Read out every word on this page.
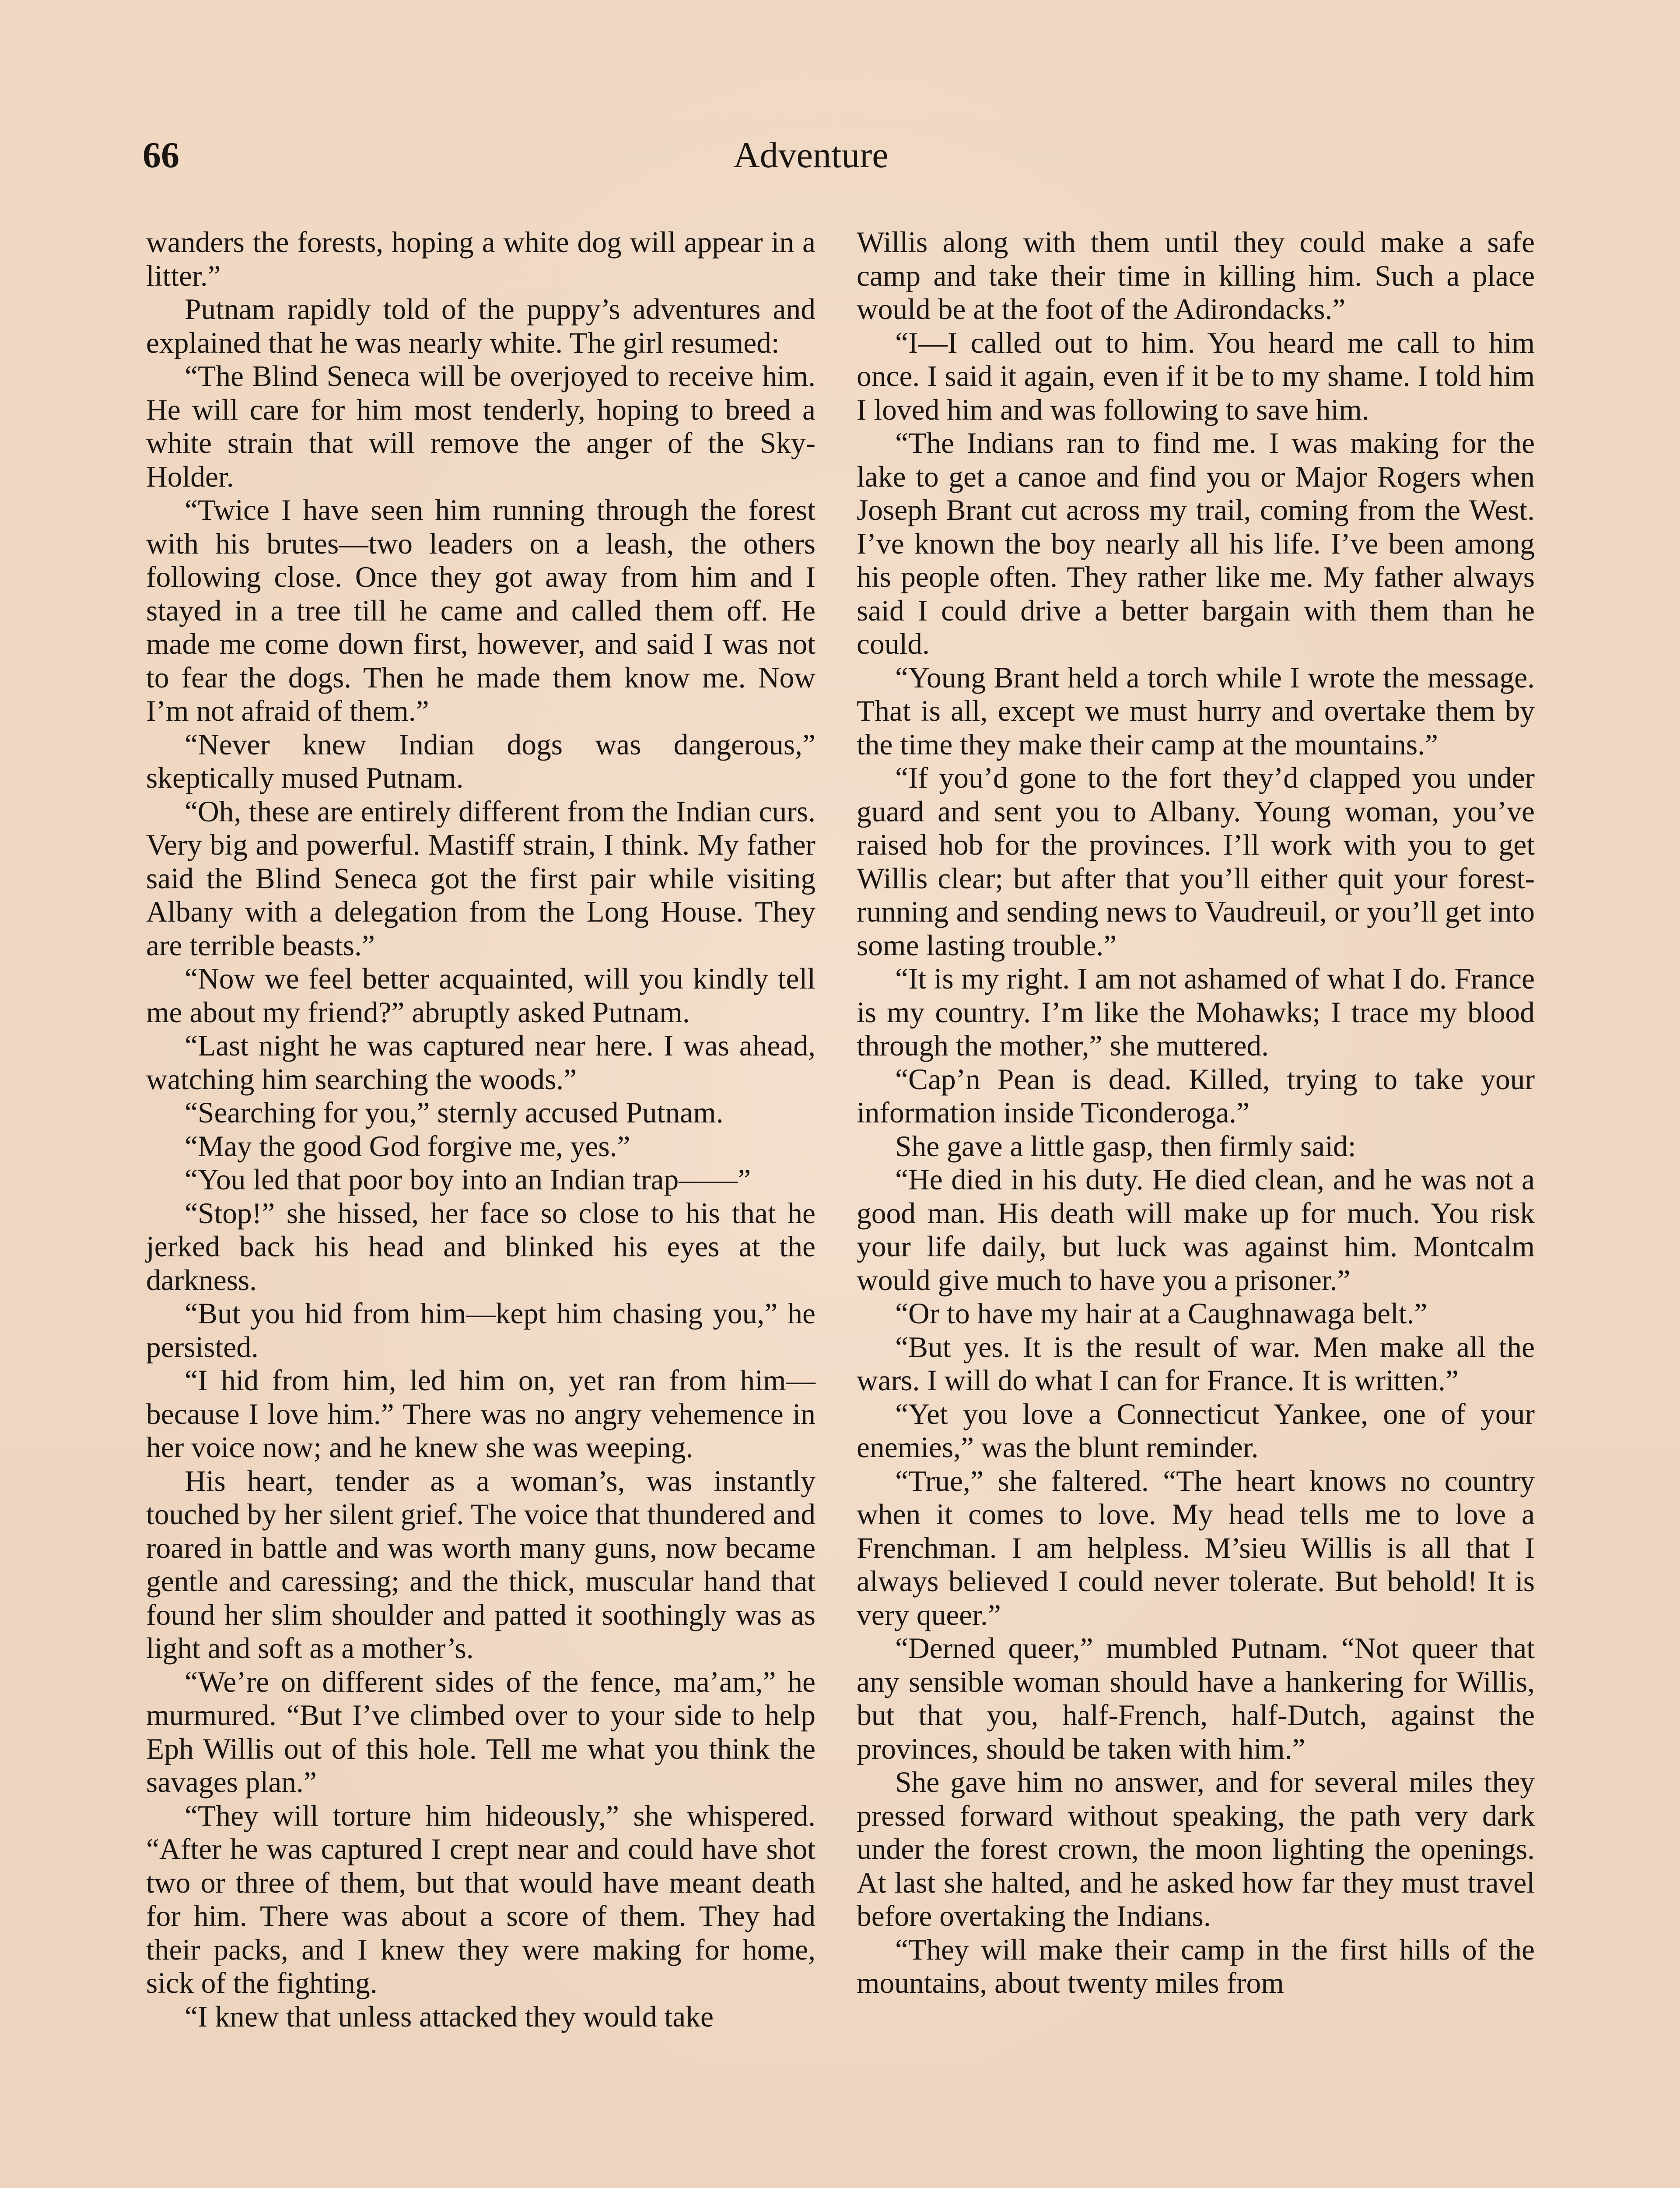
66	Adventure

wanders the forests, hoping a white dog will appear in a litter.”

Putnam rapidly told of the puppy’s adventures and explained that he was nearly white. The girl resumed:

“The Blind Seneca will be overjoyed to receive him. He will care for him most tenderly, hoping to breed a white strain that will remove the anger of the Sky-Holder.

“Twice I have seen him running through the forest with his brutes—two leaders on a leash, the others following close. Once they got away from him and I stayed in a tree till he came and called them off. He made me come down first, however, and said I was not to fear the dogs. Then he made them know me. Now I’m not afraid of them.”

“Never knew Indian dogs was dangerous,” skeptically mused Putnam.

“Oh, these are entirely different from the Indian curs. Very big and powerful. Mastiff strain, I think. My father said the Blind Seneca got the first pair while visiting Albany with a delegation from the Long House. They are terrible beasts.”

“Now we feel better acquainted, will you kindly tell me about my friend?” abruptly asked Putnam.

“Last night he was captured near here. I was ahead, watching him searching the woods.”

“Searching for you,” sternly accused Putnam.

“May the good God forgive me, yes.”

“You led that poor boy into an Indian trap——”

“Stop!” she hissed, her face so close to his that he jerked back his head and blinked his eyes at the darkness.

“But you hid from him—kept him chasing you,” he persisted.

“I hid from him, led him on, yet ran from him—because I love him.” There was no angry vehemence in her voice now; and he knew she was weeping.

His heart, tender as a woman’s, was instantly touched by her silent grief. The voice that thundered and roared in battle and was worth many guns, now became gentle and caressing; and the thick, muscular hand that found her slim shoulder and patted it soothingly was as light and soft as a mother’s.

“We’re on different sides of the fence, ma’am,” he murmured. “But I’ve climbed over to your side to help Eph Willis out of this hole. Tell me what you think the savages plan.”

“They will torture him hideously,” she whispered. “After he was captured I crept near and could have shot two or three of them, but that would have meant death for him. There was about a score of them. They had their packs, and I knew they were making for home, sick of the fighting.

“I knew that unless attacked they would take

Willis along with them until they could make a safe camp and take their time in killing him. Such a place would be at the foot of the Adirondacks.”

“I—I called out to him. You heard me call to him once. I said it again, even if it be to my shame. I told him I loved him and was following to save him.

“The Indians ran to find me. I was making for the lake to get a canoe and find you or Major Rogers when Joseph Brant cut across my trail, coming from the West. I’ve known the boy nearly all his life. I’ve been among his people often. They rather like me. My father always said I could drive a better bargain with them than he could.

“Young Brant held a torch while I wrote the message. That is all, except we must hurry and overtake them by the time they make their camp at the mountains.”

“If you’d gone to the fort they’d clapped you under guard and sent you to Albany. Young woman, you’ve raised hob for the provinces. I’ll work with you to get Willis clear; but after that you’ll either quit your forest-running and sending news to Vaudreuil, or you’ll get into some lasting trouble.”

“It is my right. I am not ashamed of what I do. France is my country. I’m like the Mohawks; I trace my blood through the mother,” she muttered.

“Cap’n Pean is dead. Killed, trying to take your information inside Ticonderoga.”

She gave a little gasp, then firmly said:

“He died in his duty. He died clean, and he was not a good man. His death will make up for much. You risk your life daily, but luck was against him. Montcalm would give much to have you a prisoner.”

“Or to have my hair at a Caughnawaga belt.”

“But yes. It is the result of war. Men make all the wars. I will do what I can for France. It is written.”

“Yet you love a Connecticut Yankee, one of your enemies,” was the blunt reminder.

“True,” she faltered. “The heart knows no country when it comes to love. My head tells me to love a Frenchman. I am helpless. M’sieu Willis is all that I always believed I could never tolerate. But behold! It is very queer.”

“Derned queer,” mumbled Putnam. “Not queer that any sensible woman should have a hankering for Willis, but that you, half-French, half-Dutch, against the provinces, should be taken with him.”

She gave him no answer, and for several miles they pressed forward without speaking, the path very dark under the forest crown, the moon lighting the openings. At last she halted, and he asked how far they must travel before overtaking the Indians.

“They will make their camp in the first hills of the mountains, about twenty miles from
